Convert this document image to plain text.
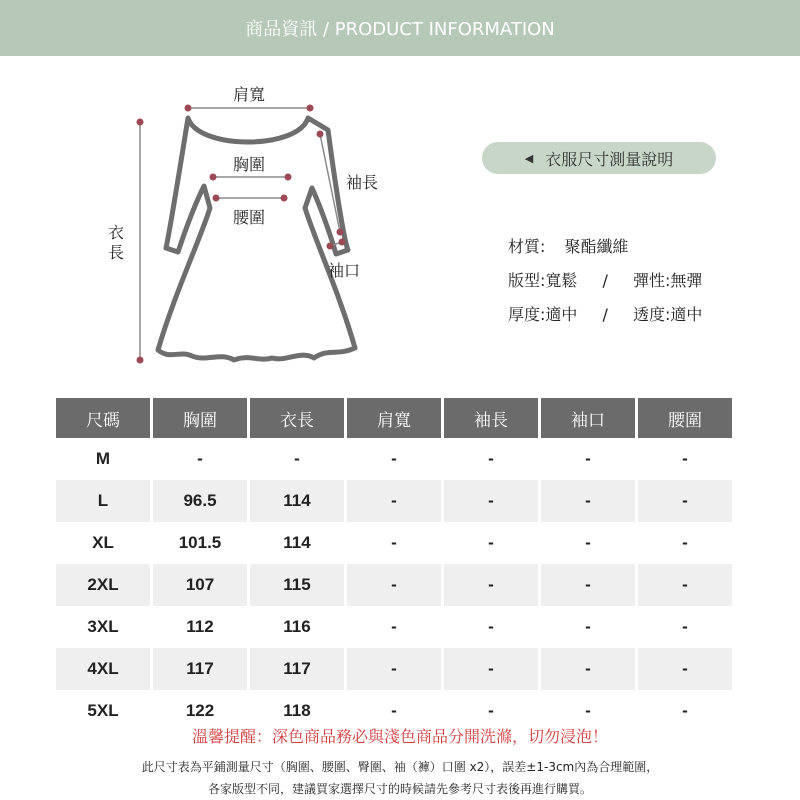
商品資訊 / PRODUCT INFORMATION
肩寬
胸圍
腰圍
袖長
袖口
衣
長
◀ 衣服尺寸測量說明
材質: 聚酯纖維
版型:寬鬆 / 彈性:無彈
厚度:適中 / 透度:適中
尺碼	胸圍	衣長	肩寬	袖長	袖口	腰圍
M	-	-	-	-	-	-
L	96.5	114	-	-	-	-
XL	101.5	114	-	-	-	-
2XL	107	115	-	-	-	-
3XL	112	116	-	-	-	-
4XL	117	117	-	-	-	-
5XL	122	118	-	-	-	-
溫馨提醒：深色商品務必與淺色商品分開洗滌，切勿浸泡！
此尺寸表為平鋪測量尺寸（胸圍、腰圍、臀圍、袖（褲）口圍 x2），誤差±1-3cm內為合理範圍，
各家版型不同，建議買家選擇尺寸的時候請先參考尺寸表後再進行購買。
